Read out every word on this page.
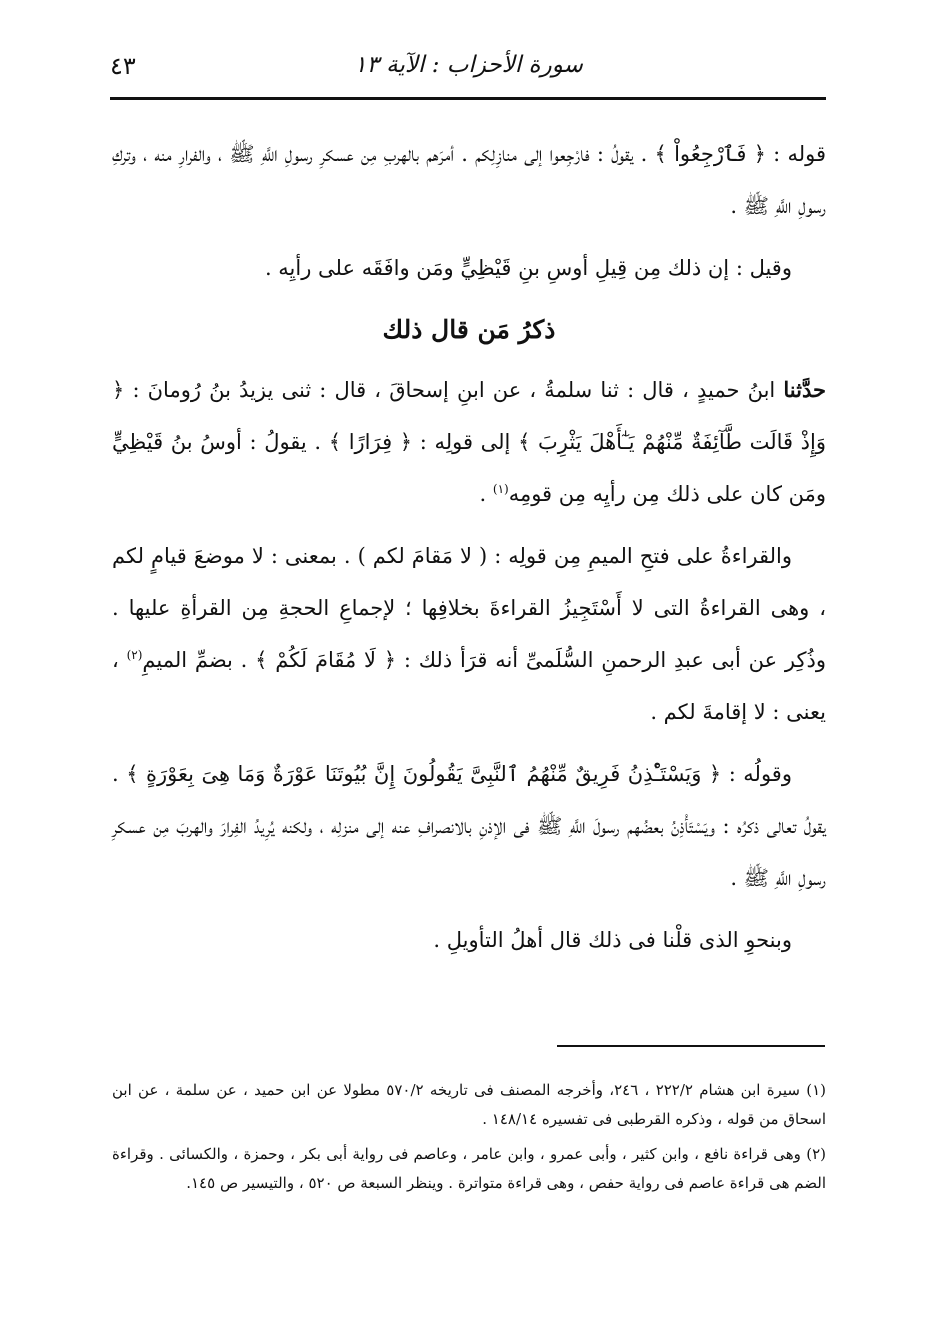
سورة الأحزاب : الآية ١٣
٤٣

قوله : ﴿ فَٱرْجِعُواْ ﴾ . يقولُ : فارْجِعوا إلى منازِلِكم . أمرَهم بالهربِ مِن عسكرِ رسولِ اللَّهِ ﷺ ، والفرارِ منه ، وتركِ رسولِ اللَّهِ ﷺ .

وقيل : إن ذلك مِن قِيلِ أوسِ بنِ قَيْظِيٍّ ومَن وافَقَه على رأيِه .

ذكرُ مَن قال ذلك

حدَّثنا ابنُ حميدٍ ، قال : ثنا سلمةُ ، عن ابنِ إسحاقَ ، قال : ثنى يزيدُ بنُ رُومانَ : ﴿ وَإِذْ قَالَت طَّآئِفَةٌ مِّنْهُمْ يَـٰٓأَهْلَ يَثْرِبَ ﴾ إلى قولِه : ﴿ فِرَارًا ﴾ . يقولُ : أوسُ بنُ قَيْظِيٍّ ومَن كان على ذلك مِن رأيِه مِن قومِه$^{(١)}$ .

والقراءةُ على فتحِ الميمِ مِن قولِه : ( لا مَقامَ لكم ) . بمعنى : لا موضعَ قيامٍ لكم ، وهى القراءةُ التى لا أَسْتَجِيزُ القراءةَ بخلافِها ؛ لإجماعِ الحجةِ مِن القرأةِ عليها . وذُكِر عن أبى عبدِ الرحمنِ السُّلَمىِّ أنه قرَأ ذلك : ﴿ لَا مُقَامَ لَكُمْ ﴾ . بضمِّ الميمِ$^{(٢)}$ ، يعنى : لا إقامةَ لكم .

وقولُه : ﴿ وَيَسْتَـْٔذِنُ فَرِيقٌ مِّنْهُمُ ٱلنَّبِىَّ يَقُولُونَ إِنَّ بُيُوتَنَا عَوْرَةٌ وَمَا هِىَ بِعَوْرَةٍ ﴾ . يقولُ تعالى ذكرُه : ويَسْتَأْذِنُ بعضُهم رسولَ اللَّهِ ﷺ فى الإذنِ بالانصرافِ عنه إلى منزلِه ، ولكنه يُرِيدُ الفِرارَ والهربَ مِن عسكرِ رسولِ اللَّهِ ﷺ .

وبنحوِ الذى قلْنا فى ذلك قال أهلُ التأويلِ .

(١) سيرة ابن هشام ٢٢٢/٢ ، ٢٤٦، وأخرجه المصنف فى تاريخه ٥٧٠/٢ مطولا عن ابن حميد ، عن سلمة ، عن ابن اسحاق من قوله ، وذكره القرطبى فى تفسيره ١٤٨/١٤ .

(٢) وهى قراءة نافع ، وابن كثير ، وأبى عمرو ، وابن عامر ، وعاصم فى رواية أبى بكر ، وحمزة ، والكسائى . وقراءة الضم هى قراءة عاصم فى رواية حفص ، وهى قراءة متواترة . وينظر السبعة ص ٥٢٠ ، والتيسير ص ١٤٥.
